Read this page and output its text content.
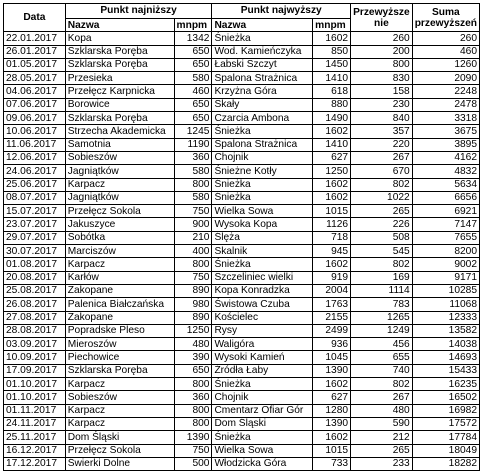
Data	Punkt najniższy		Punkt najwyższy		Przewyższe
nie	Suma
przewyższeń
	Nazwa	mnpm	Nazwa	mnpm		
22.01.2017	Kopa	1342	Śnieżka	1602	260	260
26.01.2017	Szklarska Poręba	650	Wod. Kamieńczyka	850	200	460
01.05.2017	Szklarska Poręba	650	Łabski Szczyt	1450	800	1260
28.05.2017	Przesieka	580	Spalona Strażnica	1410	830	2090
04.06.2017	Przełęcz Karpnicka	460	Krzyżna Góra	618	158	2248
07.06.2017	Borowice	650	Skały	880	230	2478
09.06.2017	Szklarska Poręba	650	Czarcia Ambona	1490	840	3318
10.06.2017	Strzecha Akademicka	1245	Śnieżka	1602	357	3675
11.06.2017	Samotnia	1190	Spalona Strażnica	1410	220	3895
12.06.2017	Sobieszów	360	Chojnik	627	267	4162
24.06.2017	Jagniątków	580	Śnieżne Kotły	1250	670	4832
25.06.2017	Karpacz	800	Śnieżka	1602	802	5634
08.07.2017	Jagniątków	580	Śnieżka	1602	1022	6656
15.07.2017	Przełęcz Sokola	750	Wielka Sowa	1015	265	6921
23.07.2017	Jakuszyce	900	Wysoka Kopa	1126	226	7147
29.07.2017	Sobótka	210	Ślęża	718	508	7655
30.07.2017	Marciszów	400	Skalnik	945	545	8200
01.08.2017	Karpacz	800	Śnieżka	1602	802	9002
20.08.2017	Karłów	750	Szczeliniec wielki	919	169	9171
25.08.2017	Zakopane	890	Kopa Konradzka	2004	1114	10285
26.08.2017	Palenica Białczańska	980	Świstowa Czuba	1763	783	11068
27.08.2017	Zakopane	890	Kościelec	2155	1265	12333
28.08.2017	Popradske Pleso	1250	Rysy	2499	1249	13582
03.09.2017	Mieroszów	480	Waligóra	936	456	14038
10.09.2017	Piechowice	390	Wysoki Kamień	1045	655	14693
17.09.2017	Szklarska Poręba	650	Źródła Łaby	1390	740	15433
01.10.2017	Karpacz	800	Śnieżka	1602	802	16235
01.10.2017	Sobieszów	360	Chojnik	627	267	16502
01.11.2017	Karpacz	800	Cmentarz Ofiar Gór	1280	480	16982
24.11.2017	Karpacz	800	Dom Śląski	1390	590	17572
25.11.2017	Dom Śląski	1390	Śnieżka	1602	212	17784
16.12.2017	Przełęcz Sokola	750	Wielka Sowa	1015	265	18049
17.12.2017	Świerki Dolne	500	Włodzicka Góra	733	233	18282
